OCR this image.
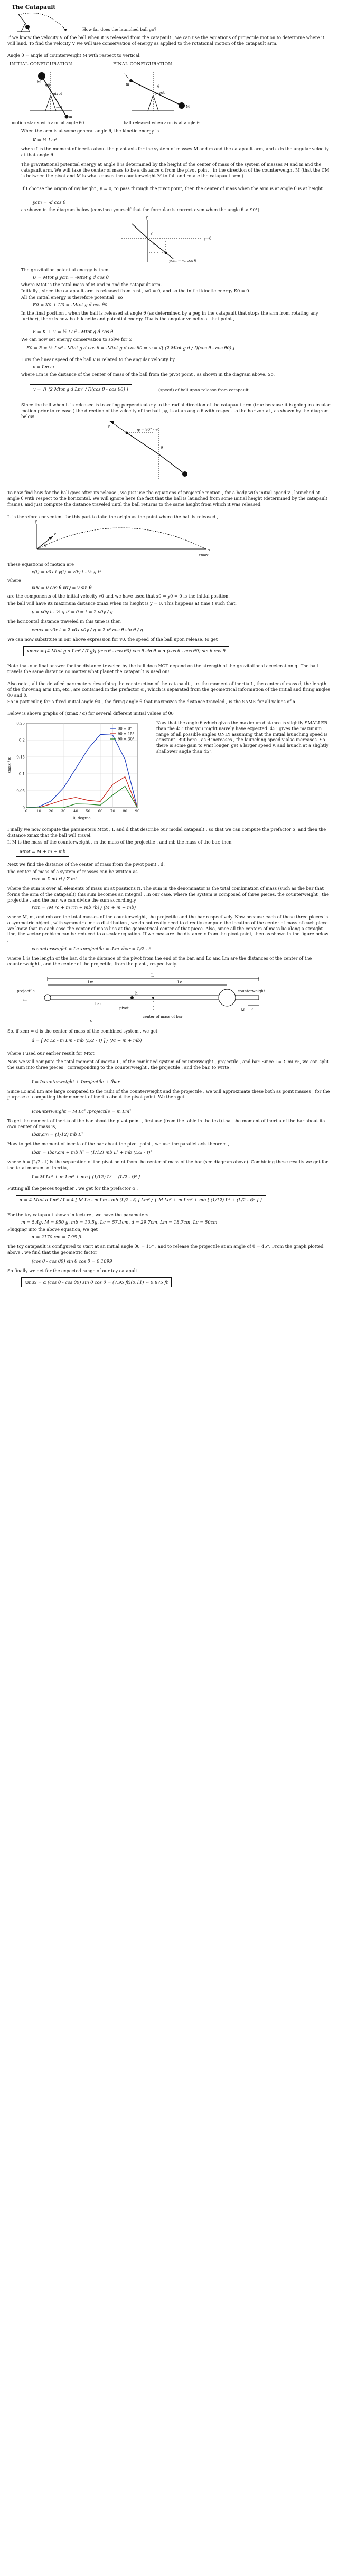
The Catapault
How far does the launched ball go?

If we know the velocity V of the ball when it is released from the catapault , we can use the equations of projectile motion to determine where it will land. To find the velocity V we will use conservation of energy as applied to the rotational motion of the catapault arm.

Angle θ = angle of counterweight M with respect to vertical.

INITIAL CONFIGURATION	FINAL CONFIGURATION
pivot
M
m
Lm
θ0
motion starts with arm at angle θ0
pivot
M
m	θ
ball released when arm is at angle θ

When the arm is at some general angle θ, the kinetic energy is

K = ½ I ω²

where I is the moment of inertia about the pivot axis for the system of masses M and m and the catapault arm, and ω is the angular velocity at that angle θ

The gravitational potential energy at angle θ is determined by the height of the center of mass of the system of masses M and m and the catapault arm. We will take the center of mass to be a distance d from the pivot point , in the direction of the counterweight M (that the CM is between the pivot and M is what causes the counterweight M to fall and rotate the catapault arm.)

If I choose the origin of my height , y = 0, to pass through the pivot point, then the center of mass when the arm is at angle θ is at height

ycm = -d cos θ

as shown in the diagram below (convince yourself that the formulae is correct even when the angle θ > 90°).

y
y=0
d
θ
ycm = -d cos θ

The gravitation potential energy is then

U = Mtot g ycm = -Mtot g d cos θ

where Mtot is the total mass of M and m and the catapault arm.

Initially , since the catapault arm is released from rest , ω0 = 0, and so the initial kinetic energy K0 = 0.

All the initial energy is therefore potential , so

E0 = K0 + U0 = -Mtot g d cos θ0

In the final position , when the ball is released at angle θ (as determined by a peg in the catapault that stops the arm from rotating any further), there is now both kinetic and potential energy. If ω is the angular velocity at that point ,

E = K + U = ½ I ω² - Mtot g d cos θ

We can now set energy conservation to solve for ω

E0 = E ⇒ ½ I ω² - Mtot g d cos θ = -Mtot g d cos θ0 ⇒ ω = √[ (2 Mtot g d / I)(cos θ - cos θ0) ]

How the linear speed of the ball v is related to the angular velocity by

v = Lm ω

where Lm is the distance of the center of mass of the ball from the pivot point , as shown in the diagram above. So,

v = √[ (2 Mtot g d Lm² / I)(cos θ - cos θ0) ]	(speed) of ball upon release from catapault

Since the ball when it is released is traveling perpendicularly to the radial direction of the catapault arm (true because it is going in circular motion prior to release ) the direction of the velocity of the ball , φ, is at an angle θ with respect to the horizontal , as shown by the diagram below

v
φ = 90° - θ
θ

To now find how far the ball goes after its release , we just use the equations of projectile motion , for a body with initial speed v , launched at angle θ with respect to the horizontal. We will ignore here the fact that the ball is launched from some initial height (determined by the catapault frame), and just compute the distance traveled until the ball returns to the same height from which it was released.

It is therefore convenient for this part to take the origin as the point where the ball is released ,

y
x
v
θ
xmax

These equations of motion are

x(t) = v0x t y(t) = v0y t - ½ g t²

where

v0x = v cos θ v0y = v sin θ

are the components of the initial velocity v0 and we have used that x0 = y0 = 0 is the initial position.

The ball will have its maximum distance xmax when its height is y = 0. This happens at time t such that,

y = v0y t - ½ g t² = 0 ⇒ t = 2 v0y / g

The horizontal distance traveled in this time is then

xmax = v0x t = 2 v0x v0y / g = 2 v² cos θ sin θ / g

We can now substitute in our above expression for v0. the speed of the ball upon release, to get

xmax = [4 Mtot g d Lm² / (I g)] (cos θ - cos θ0) cos θ sin θ = α (cos θ - cos θ0) sin θ cos θ

Note that our final answer for the distance traveled by the ball does NOT depend on the strength of the gravitational acceleration g! The ball travels the same distance no matter what planet the catapault is used on!

Also note , all the detailed parameters describing the construction of the catapault , i.e. the moment of inertia I , the center of mass d, the length of the throwing arm Lm, etc., are contained in the prefactor α , which is separated from the geometrical information of the initial and firing angles θ0 and θ.

So in particular, for a fixed initial angle θ0 , the firing angle θ that maximizes the distance traveled , is the SAME for all values of α.

Below is shown graphs of (xmax / α) for several different initial values of θ0

0 10 20 30 40 50 60 70 80 90
0
0.05
0.1
0.15
0.2
0.25
θ, degree
xmax / α
θ0 = 0°
θ0 = 15°
θ0 = 30°

Now that the angle θ which gives the maximum distance is slightly SMALLER than the 45° that you might naively have expected. 45° gives the maximum range of all possible angles ONLY assuming that the initial launching speed is constant. But here , as θ increases , the launching speed v also increases. So there is some gain to wait longer, get a larger speed v, and launch at a slightly shallower angle than 45°.

Finally we now compute the parameters Mtot , I, and d that describe our model catapault , so that we can compute the prefactor α, and then the distance xmax that the ball will travel.

If M is the mass of the counterweight , m the mass of the projectile , and mb the mass of the bar, then

Mtot = M + m + mb

Next we find the distance of the center of mass from the pivot point , d.

The center of mass of a system of masses can be written as

rcm = Σ mi ri / Σ mi

where the sum is over all elements of mass mi at positions ri. The sum in the denominator is the total combination of mass (such as the bar that forms the arm of the catapault) this sum becomes an integral . In our case, where the system is composed of three pieces, the counterweight , the projectile , and the bar, we can divide the sum accordingly

rcm = (M rc + m rm + mb rb) / (M + m + mb)

where M, m, and mb are the total masses of the counterweight, the projectile and the bar respectively. Now because each of these three pieces is a symmetric object , with symmetric mass distribution , we do not really need to directly compute the location of the center of mass of each piece. We know that in each case the center of mass lies at the geometrical center of that piece. Also, since all the centers of mass lie along a straight line, the vector problem can be reduced to a scalar equation. If we measure the distance x from the pivot point, then as shown in the figure below ,

xcounterweight = Lc xprojectile = -Lm xbar = L/2 - ℓ

where L is the length of the bar, d is the distance of the pivot from the end of the bar, and Lc and Lm are the distances of the center of the counterweight , and the center of the projectile, from the pivot , respectively.

L
Lm	Lc
projectile	counterweight
m
M
pivot
center of mass of bar
h
ℓ
bar
x

So, if xcm = d is the center of mass of the combined system , we get

d = [ M Lc - m Lm - mb (L/2 - ℓ) ] / (M + m + mb)

where I used our earlier result for Mtot

Now we will compute the total moment of inertia I , of the combined system of counterweight , projectile , and bar. Since I = Σ mi ri², we can split the sum into three pieces , corresponding to the counterweight , the projectile , and the bar, to write ,

I = Icounterweight + Iprojectile + Ibar

Since Lc and Lm are large compared to the radii of the counterweight and the projectile , we will approximate these both as point masses , for the purpose of computing their moment of inertia about the pivot point. We then get

Icounterweight = M Lc² Iprojectile = m Lm²

To get the moment of inertia of the bar about the pivot point , first use (from the table in the text) that the moment of inertia of the bar about its own center of mass is,

Ibar,cm = (1/12) mb L²

How to get the moment of inertia of the bar about the pivot point , we use the parallel axis theorem ,

Ibar = Ibar,cm + mb h² = (1/12) mb L² + mb (L/2 - ℓ)²

where h = (L/2 - ℓ) is the separation of the pivot point from the center of mass of the bar (see diagram above). Combining these results we get for the total moment of inertia,

I = M Lc² + m Lm² + mb [ (1/12) L² + (L/2 - ℓ)² ]

Putting all the pieces together , we get for the prefactor α ,

α = 4 Mtot d Lm² / I = 4 [ M Lc - m Lm - mb (L/2 - ℓ) ] Lm² / { M Lc² + m Lm² + mb [ (1/12) L² + (L/2 - ℓ)² ] }

For the toy catapault shown in lecture , we have the parameters

m = 5.4g, M = 950 g, mb = 10.5g, Lc = 57.1cm, d = 29.7cm, Lm = 18.7cm, Lc = 50cm

Plugging into the above equation, we get

α = 2170 cm = 7.95 ft

The toy catapault is configured to start at an initial angle θ0 = 15° , and to release the projectile at an angle of θ = 45°. From the graph plotted above , we find that the geometric factor

(cos θ - cos θ0) sin θ cos θ = 0.1099

So finally we get for the expected range of our toy catapult

xmax = α (cos θ - cos θ0) sin θ cos θ = (7.95 ft)(0.11) ≈ 0.875 ft
